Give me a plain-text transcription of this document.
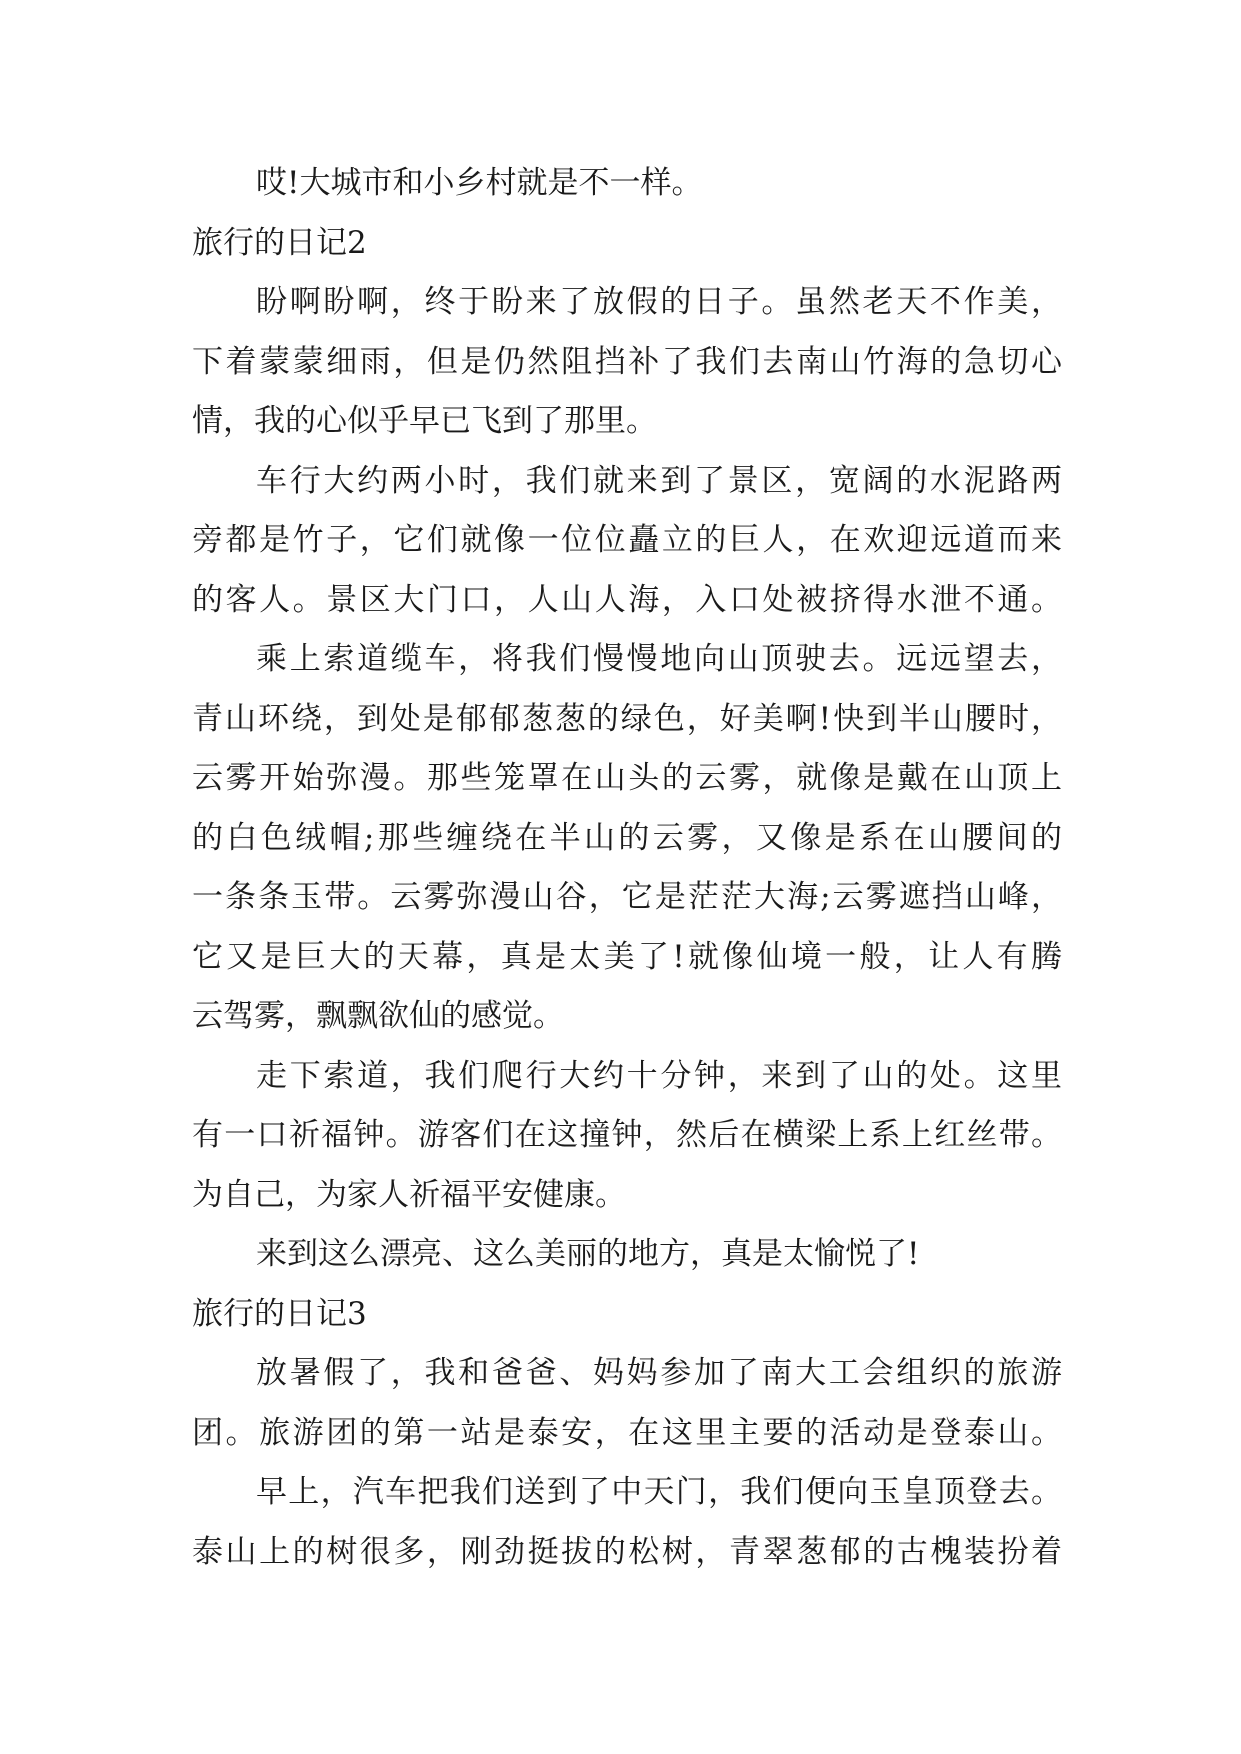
哎!大城市和小乡村就是不一样。
旅行的日记2
盼啊盼啊，终于盼来了放假的日子。虽然老天不作美，
下着蒙蒙细雨，但是仍然阻挡补了我们去南山竹海的急切心
情，我的心似乎早已飞到了那里。
车行大约两小时，我们就来到了景区，宽阔的水泥路两
旁都是竹子，它们就像一位位矗立的巨人，在欢迎远道而来
的客人。景区大门口，人山人海，入口处被挤得水泄不通。
乘上索道缆车，将我们慢慢地向山顶驶去。远远望去，
青山环绕，到处是郁郁葱葱的绿色，好美啊!快到半山腰时，
云雾开始弥漫。那些笼罩在山头的云雾，就像是戴在山顶上
的白色绒帽;那些缠绕在半山的云雾，又像是系在山腰间的
一条条玉带。云雾弥漫山谷，它是茫茫大海;云雾遮挡山峰，
它又是巨大的天幕，真是太美了!就像仙境一般，让人有腾
云驾雾，飘飘欲仙的感觉。
走下索道，我们爬行大约十分钟，来到了山的处。这里
有一口祈福钟。游客们在这撞钟，然后在横梁上系上红丝带。
为自己，为家人祈福平安健康。
来到这么漂亮、这么美丽的地方，真是太愉悦了!
旅行的日记3
放暑假了，我和爸爸、妈妈参加了南大工会组织的旅游
团。旅游团的第一站是泰安，在这里主要的活动是登泰山。
早上，汽车把我们送到了中天门，我们便向玉皇顶登去。
泰山上的树很多，刚劲挺拔的松树，青翠葱郁的古槐装扮着
